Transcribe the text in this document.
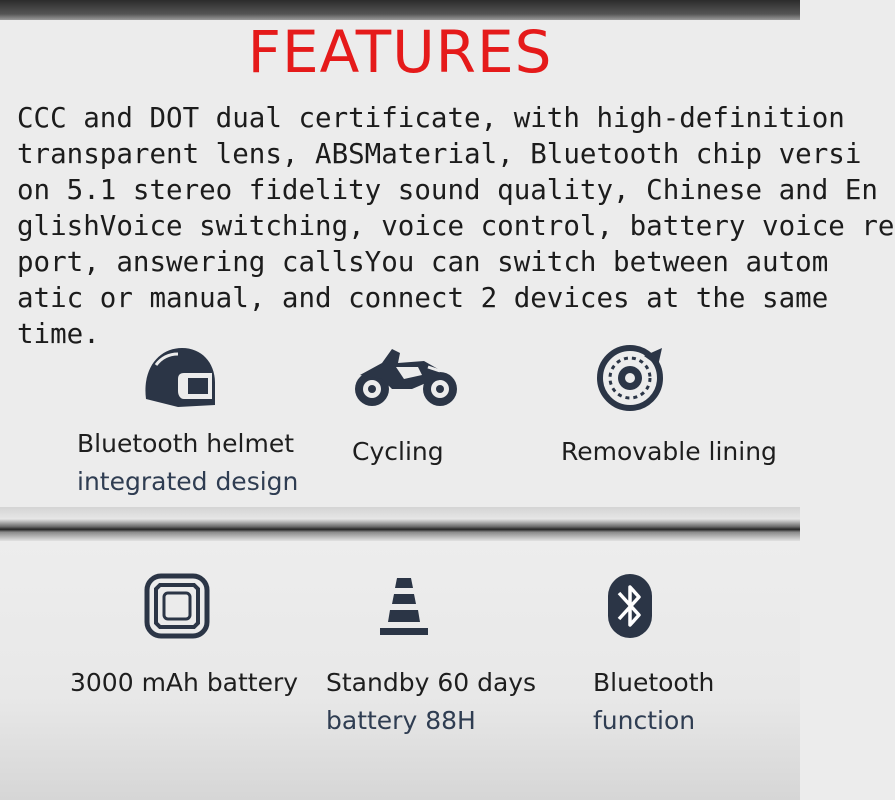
FEATURES
CCC and DOT dual certificate, with high-definition
transparent lens, ABSMaterial, Bluetooth chip versi
on 5.1 stereo fidelity sound quality, Chinese and En
glishVoice switching, voice control, battery voice re
port, answering callsYou can switch between autom
atic or manual, and connect 2 devices at the same
time.
Bluetooth helmet
integrated design
Cycling	Removable lining
3000 mAh battery Standby 60 days
battery 88H
Bluetooth
function
